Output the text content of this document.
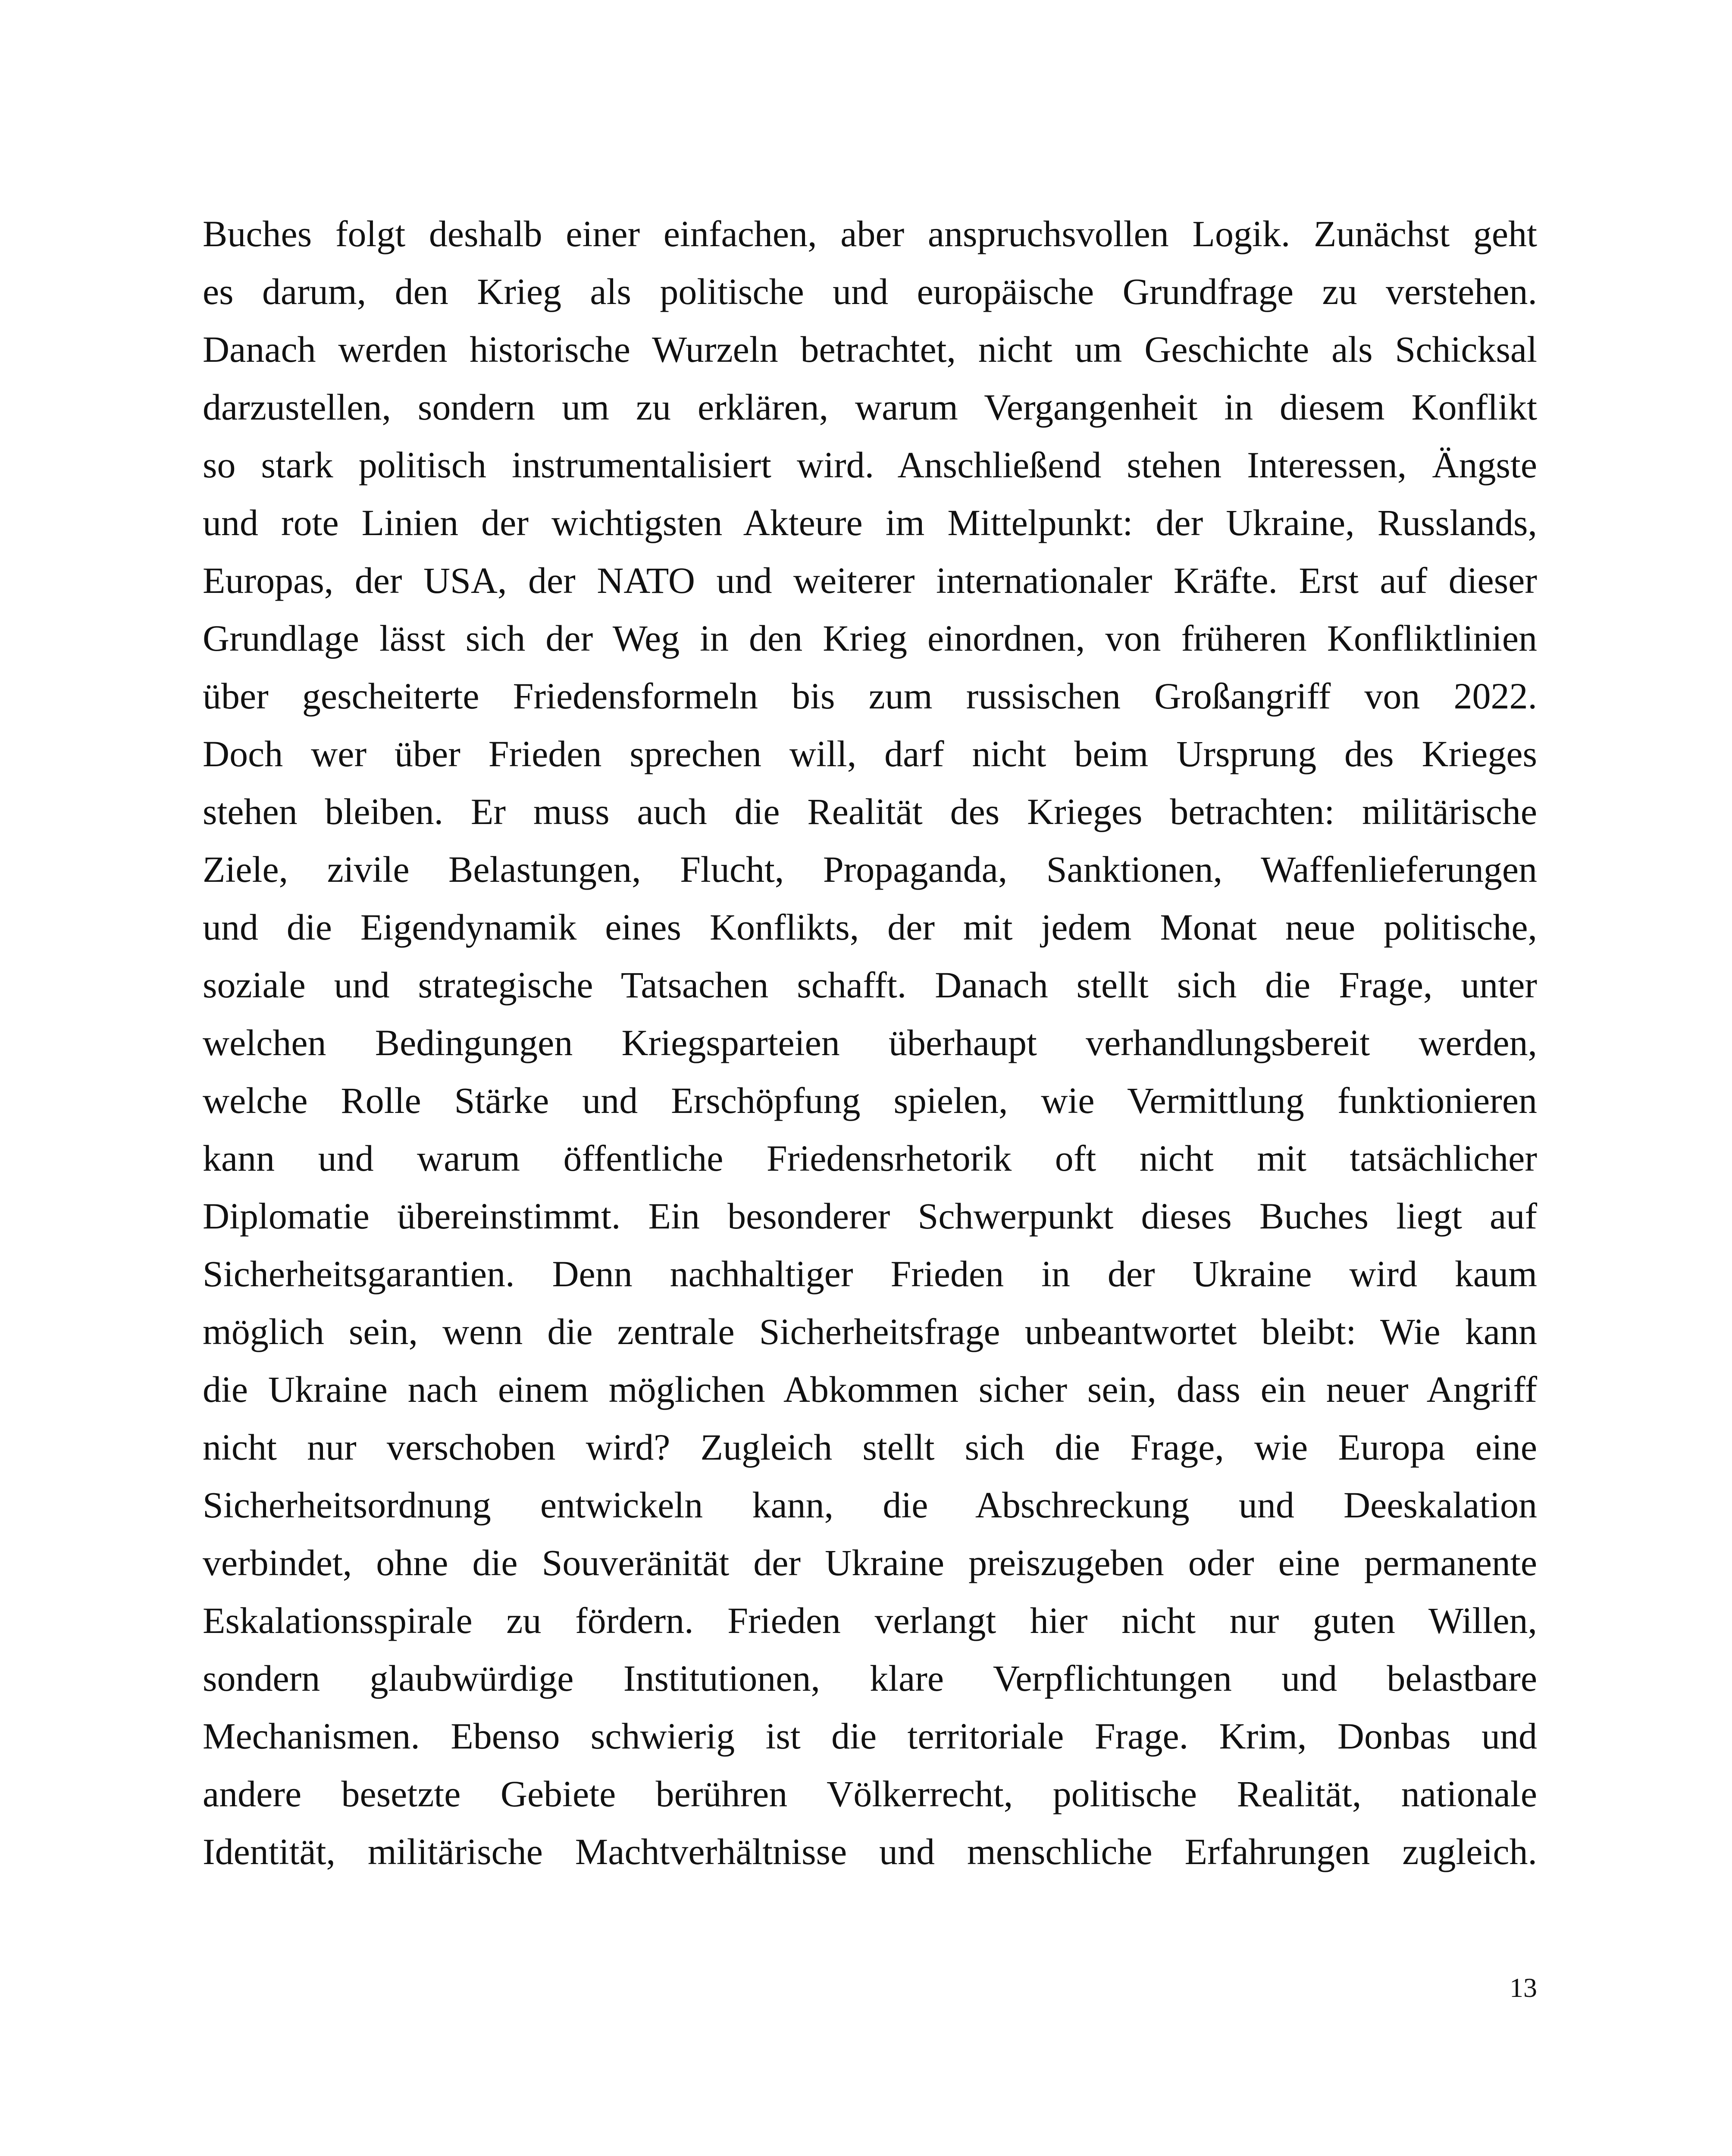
Buches folgt deshalb einer einfachen, aber anspruchsvollen Logik. Zunächst geht
es darum, den Krieg als politische und europäische Grundfrage zu verstehen.
Danach werden historische Wurzeln betrachtet, nicht um Geschichte als Schicksal
darzustellen, sondern um zu erklären, warum Vergangenheit in diesem Konflikt
so stark politisch instrumentalisiert wird. Anschließend stehen Interessen, Ängste
und rote Linien der wichtigsten Akteure im Mittelpunkt: der Ukraine, Russlands,
Europas, der USA, der NATO und weiterer internationaler Kräfte. Erst auf dieser
Grundlage lässt sich der Weg in den Krieg einordnen, von früheren Konfliktlinien
über gescheiterte Friedensformeln bis zum russischen Großangriff von 2022.
Doch wer über Frieden sprechen will, darf nicht beim Ursprung des Krieges
stehen bleiben. Er muss auch die Realität des Krieges betrachten: militärische
Ziele, zivile Belastungen, Flucht, Propaganda, Sanktionen, Waffenlieferungen
und die Eigendynamik eines Konflikts, der mit jedem Monat neue politische,
soziale und strategische Tatsachen schafft. Danach stellt sich die Frage, unter
welchen Bedingungen Kriegsparteien überhaupt verhandlungsbereit werden,
welche Rolle Stärke und Erschöpfung spielen, wie Vermittlung funktionieren
kann und warum öffentliche Friedensrhetorik oft nicht mit tatsächlicher
Diplomatie übereinstimmt. Ein besonderer Schwerpunkt dieses Buches liegt auf
Sicherheitsgarantien. Denn nachhaltiger Frieden in der Ukraine wird kaum
möglich sein, wenn die zentrale Sicherheitsfrage unbeantwortet bleibt: Wie kann
die Ukraine nach einem möglichen Abkommen sicher sein, dass ein neuer Angriff
nicht nur verschoben wird? Zugleich stellt sich die Frage, wie Europa eine
Sicherheitsordnung entwickeln kann, die Abschreckung und Deeskalation
verbindet, ohne die Souveränität der Ukraine preiszugeben oder eine permanente
Eskalationsspirale zu fördern. Frieden verlangt hier nicht nur guten Willen,
sondern glaubwürdige Institutionen, klare Verpflichtungen und belastbare
Mechanismen. Ebenso schwierig ist die territoriale Frage. Krim, Donbas und
andere besetzte Gebiete berühren Völkerrecht, politische Realität, nationale
Identität, militärische Machtverhältnisse und menschliche Erfahrungen zugleich.
13
